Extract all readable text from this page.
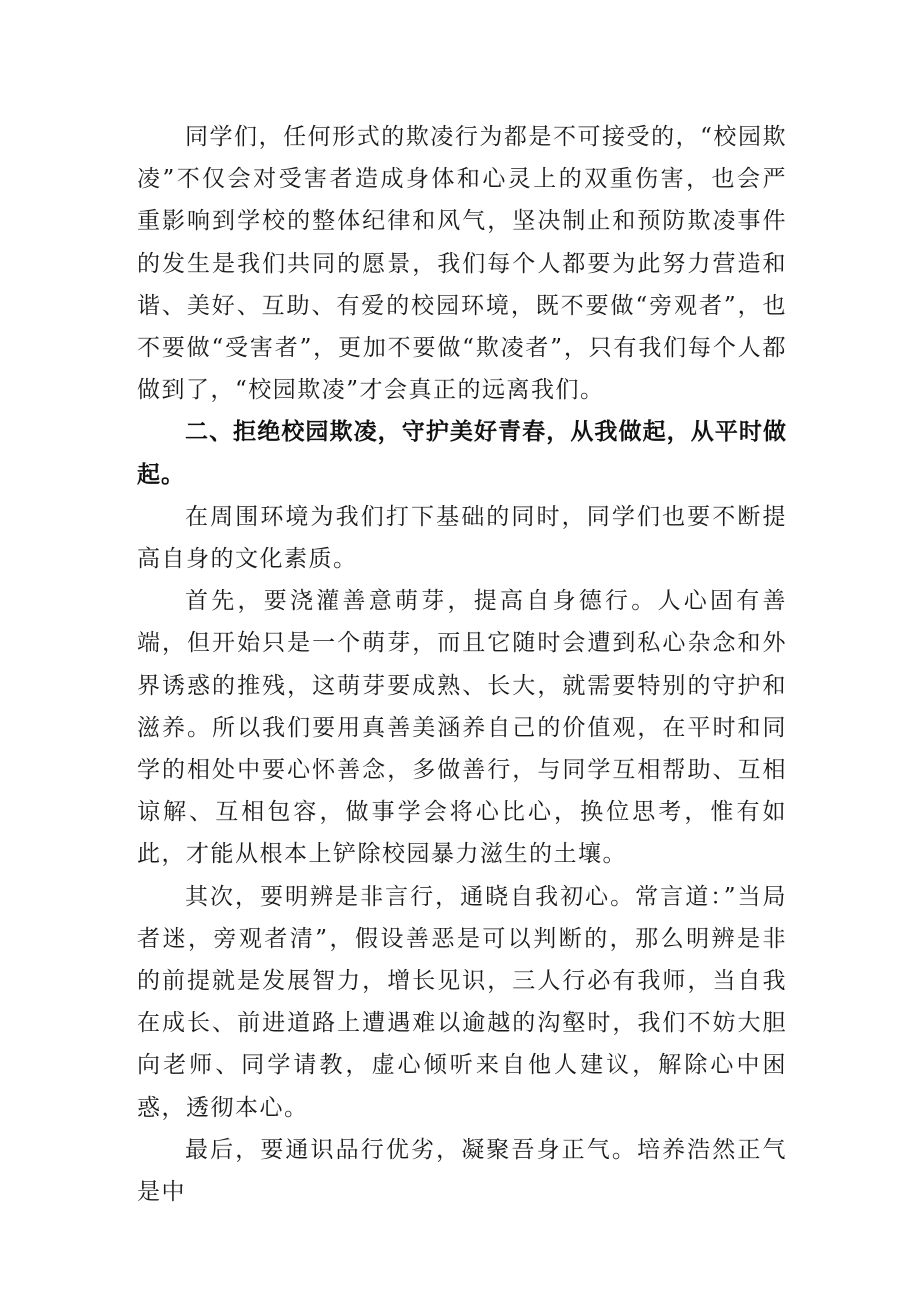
同学们，任何形式的欺凌行为都是不可接受的，“校园欺凌”不仅会对受害者造成身体和心灵上的双重伤害，也会严重影响到学校的整体纪律和风气，坚决制止和预防欺凌事件的发生是我们共同的愿景，我们每个人都要为此努力营造和谐、美好、互助、有爱的校园环境，既不要做“旁观者”，也不要做“受害者”，更加不要做“欺凌者”，只有我们每个人都做到了，“校园欺凌”才会真正的远离我们。

二、拒绝校园欺凌，守护美好青春，从我做起，从平时做起。

在周围环境为我们打下基础的同时，同学们也要不断提高自身的文化素质。

首先，要浇灌善意萌芽，提高自身德行。人心固有善端，但开始只是一个萌芽，而且它随时会遭到私心杂念和外界诱惑的推残，这萌芽要成熟、长大，就需要特别的守护和滋养。所以我们要用真善美涵养自己的价值观，在平时和同学的相处中要心怀善念，多做善行，与同学互相帮助、互相谅解、互相包容，做事学会将心比心，换位思考，惟有如此，才能从根本上铲除校园暴力滋生的土壤。

其次，要明辨是非言行，通晓自我初心。常言道：”当局者迷，旁观者清”，假设善恶是可以判断的，那么明辨是非的前提就是发展智力，增长见识，三人行必有我师，当自我在成长、前进道路上遭遇难以逾越的沟壑时，我们不妨大胆向老师、同学请教，虚心倾听来自他人建议，解除心中困惑，透彻本心。

最后，要通识品行优劣，凝聚吾身正气。培养浩然正气是中
